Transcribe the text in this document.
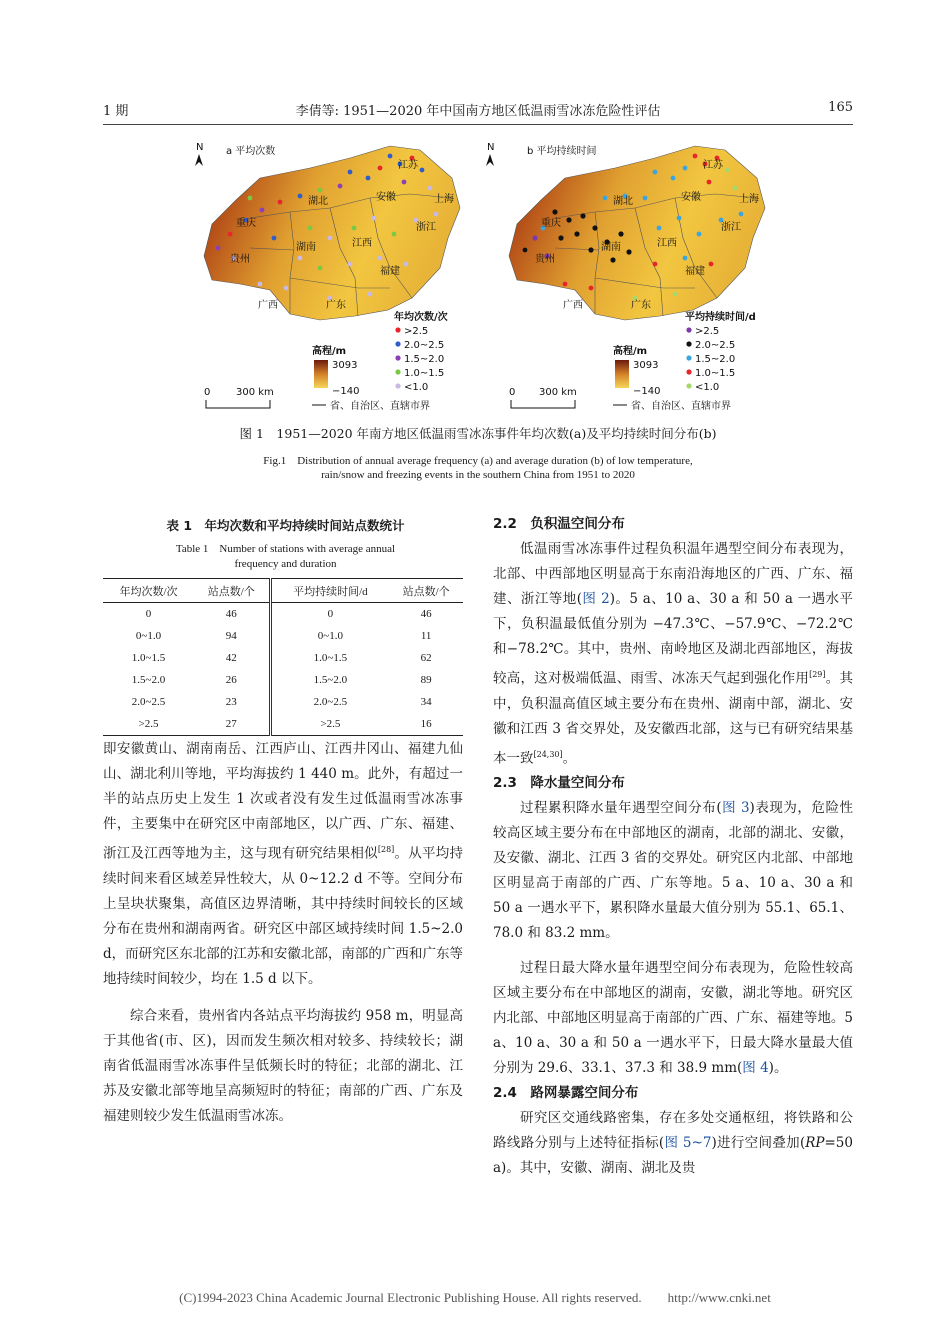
1 期	李倩等: 1951—2020 年中国南方地区低温雨雪冰冻危险性评估	165
N a 平均次数
江苏
湖北	安徽	上海
重庆	浙江
湖南	江西
贵州
福建
广西	广东
年均次数/次
>2.5
2.0~2.5
1.5~2.0
1.0~1.5
<1.0
高程/m
3093
−140
0	300 km
省、自治区、直辖市界
N	b 平均持续时间
江苏
湖北	安徽	上海
重庆	浙江
湖南	江西
贵州
福建
广西	广东
平均持续时间/d
>2.5
2.0~2.5
1.5~2.0
1.0~1.5
<1.0
高程/m
3093
−140
0 300 km
省、自治区、直辖市界
图 1　1951—2020 年南方地区低温雨雪冰冻事件年均次数(a)及平均持续时间分布(b)
Fig.1　Distribution of annual average frequency (a) and average duration (b) of low temperature,
rain/snow and freezing events in the southern China from 1951 to 2020
表 1　年均次数和平均持续时间站点数统计
Table 1　Number of stations with average annual
frequency and duration
年均次数/次	站点数/个	平均持续时间/d	站点数/个
0	46	0	46
0~1.0	94	0~1.0	11
1.0~1.5	42	1.0~1.5	62
1.5~2.0	26	1.5~2.0	89
2.0~2.5	23	2.0~2.5	34
>2.5	27	>2.5	16

即安徽黄山、湖南南岳、江西庐山、江西井冈山、福建九仙山、湖北利川等地，平均海拔约 1 440 m。此外，有超过一半的站点历史上发生 1 次或者没有发生过低温雨雪冰冻事件，主要集中在研究区中南部地区，以广西、广东、福建、浙江及江西等地为主，这与现有研究结果相似[28]。从平均持续时间来看区域差异性较大，从 0~12.2 d 不等。空间分布上呈块状聚集，高值区边界清晰，其中持续时间较长的区域分布在贵州和湖南两省。研究区中部区域持续时间 1.5~2.0 d，而研究区东北部的江苏和安徽北部，南部的广西和广东等地持续时间较少，均在 1.5 d 以下。

综合来看，贵州省内各站点平均海拔约 958 m，明显高于其他省(市、区)，因而发生频次相对较多、持续较长；湖南省低温雨雪冰冻事件呈低频长时的特征；北部的湖北、江苏及安徽北部等地呈高频短时的特征；南部的广西、广东及福建则较少发生低温雨雪冰冻。

2.2　负积温空间分布

低温雨雪冰冻事件过程负积温年遇型空间分布表现为，北部、中西部地区明显高于东南沿海地区的广西、广东、福建、浙江等地(图 2)。5 a、10 a、30 a 和 50 a 一遇水平下，负积温最低值分别为 −47.3℃、−57.9℃、−72.2℃ 和−78.2℃。其中，贵州、南岭地区及湖北西部地区，海拔较高，这对极端低温、雨雪、冰冻天气起到强化作用[29]。其中，负积温高值区域主要分布在贵州、湖南中部，湖北、安徽和江西 3 省交界处，及安徽西北部，这与已有研究结果基本一致[24,30]。

2.3　降水量空间分布

过程累积降水量年遇型空间分布(图 3)表现为，危险性较高区域主要分布在中部地区的湖南，北部的湖北、安徽，及安徽、湖北、江西 3 省的交界处。研究区内北部、中部地区明显高于南部的广西、广东等地。5 a、10 a、30 a 和 50 a 一遇水平下，累积降水量最大值分别为 55.1、65.1、78.0 和 83.2 mm。

过程日最大降水量年遇型空间分布表现为，危险性较高区域主要分布在中部地区的湖南，安徽，湖北等地。研究区内北部、中部地区明显高于南部的广西、广东、福建等地。5 a、10 a、30 a 和 50 a 一遇水平下，日最大降水量最大值分别为 29.6、33.1、37.3 和 38.9 mm(图 4)。

2.4　路网暴露空间分布

研究区交通线路密集，存在多处交通枢纽，将铁路和公路线路分别与上述特征指标(图 5~7)进行空间叠加(RP=50 a)。其中，安徽、湖南、湖北及贵

(C)1994-2023 China Academic Journal Electronic Publishing House. All rights reserved.　　http://www.cnki.net
